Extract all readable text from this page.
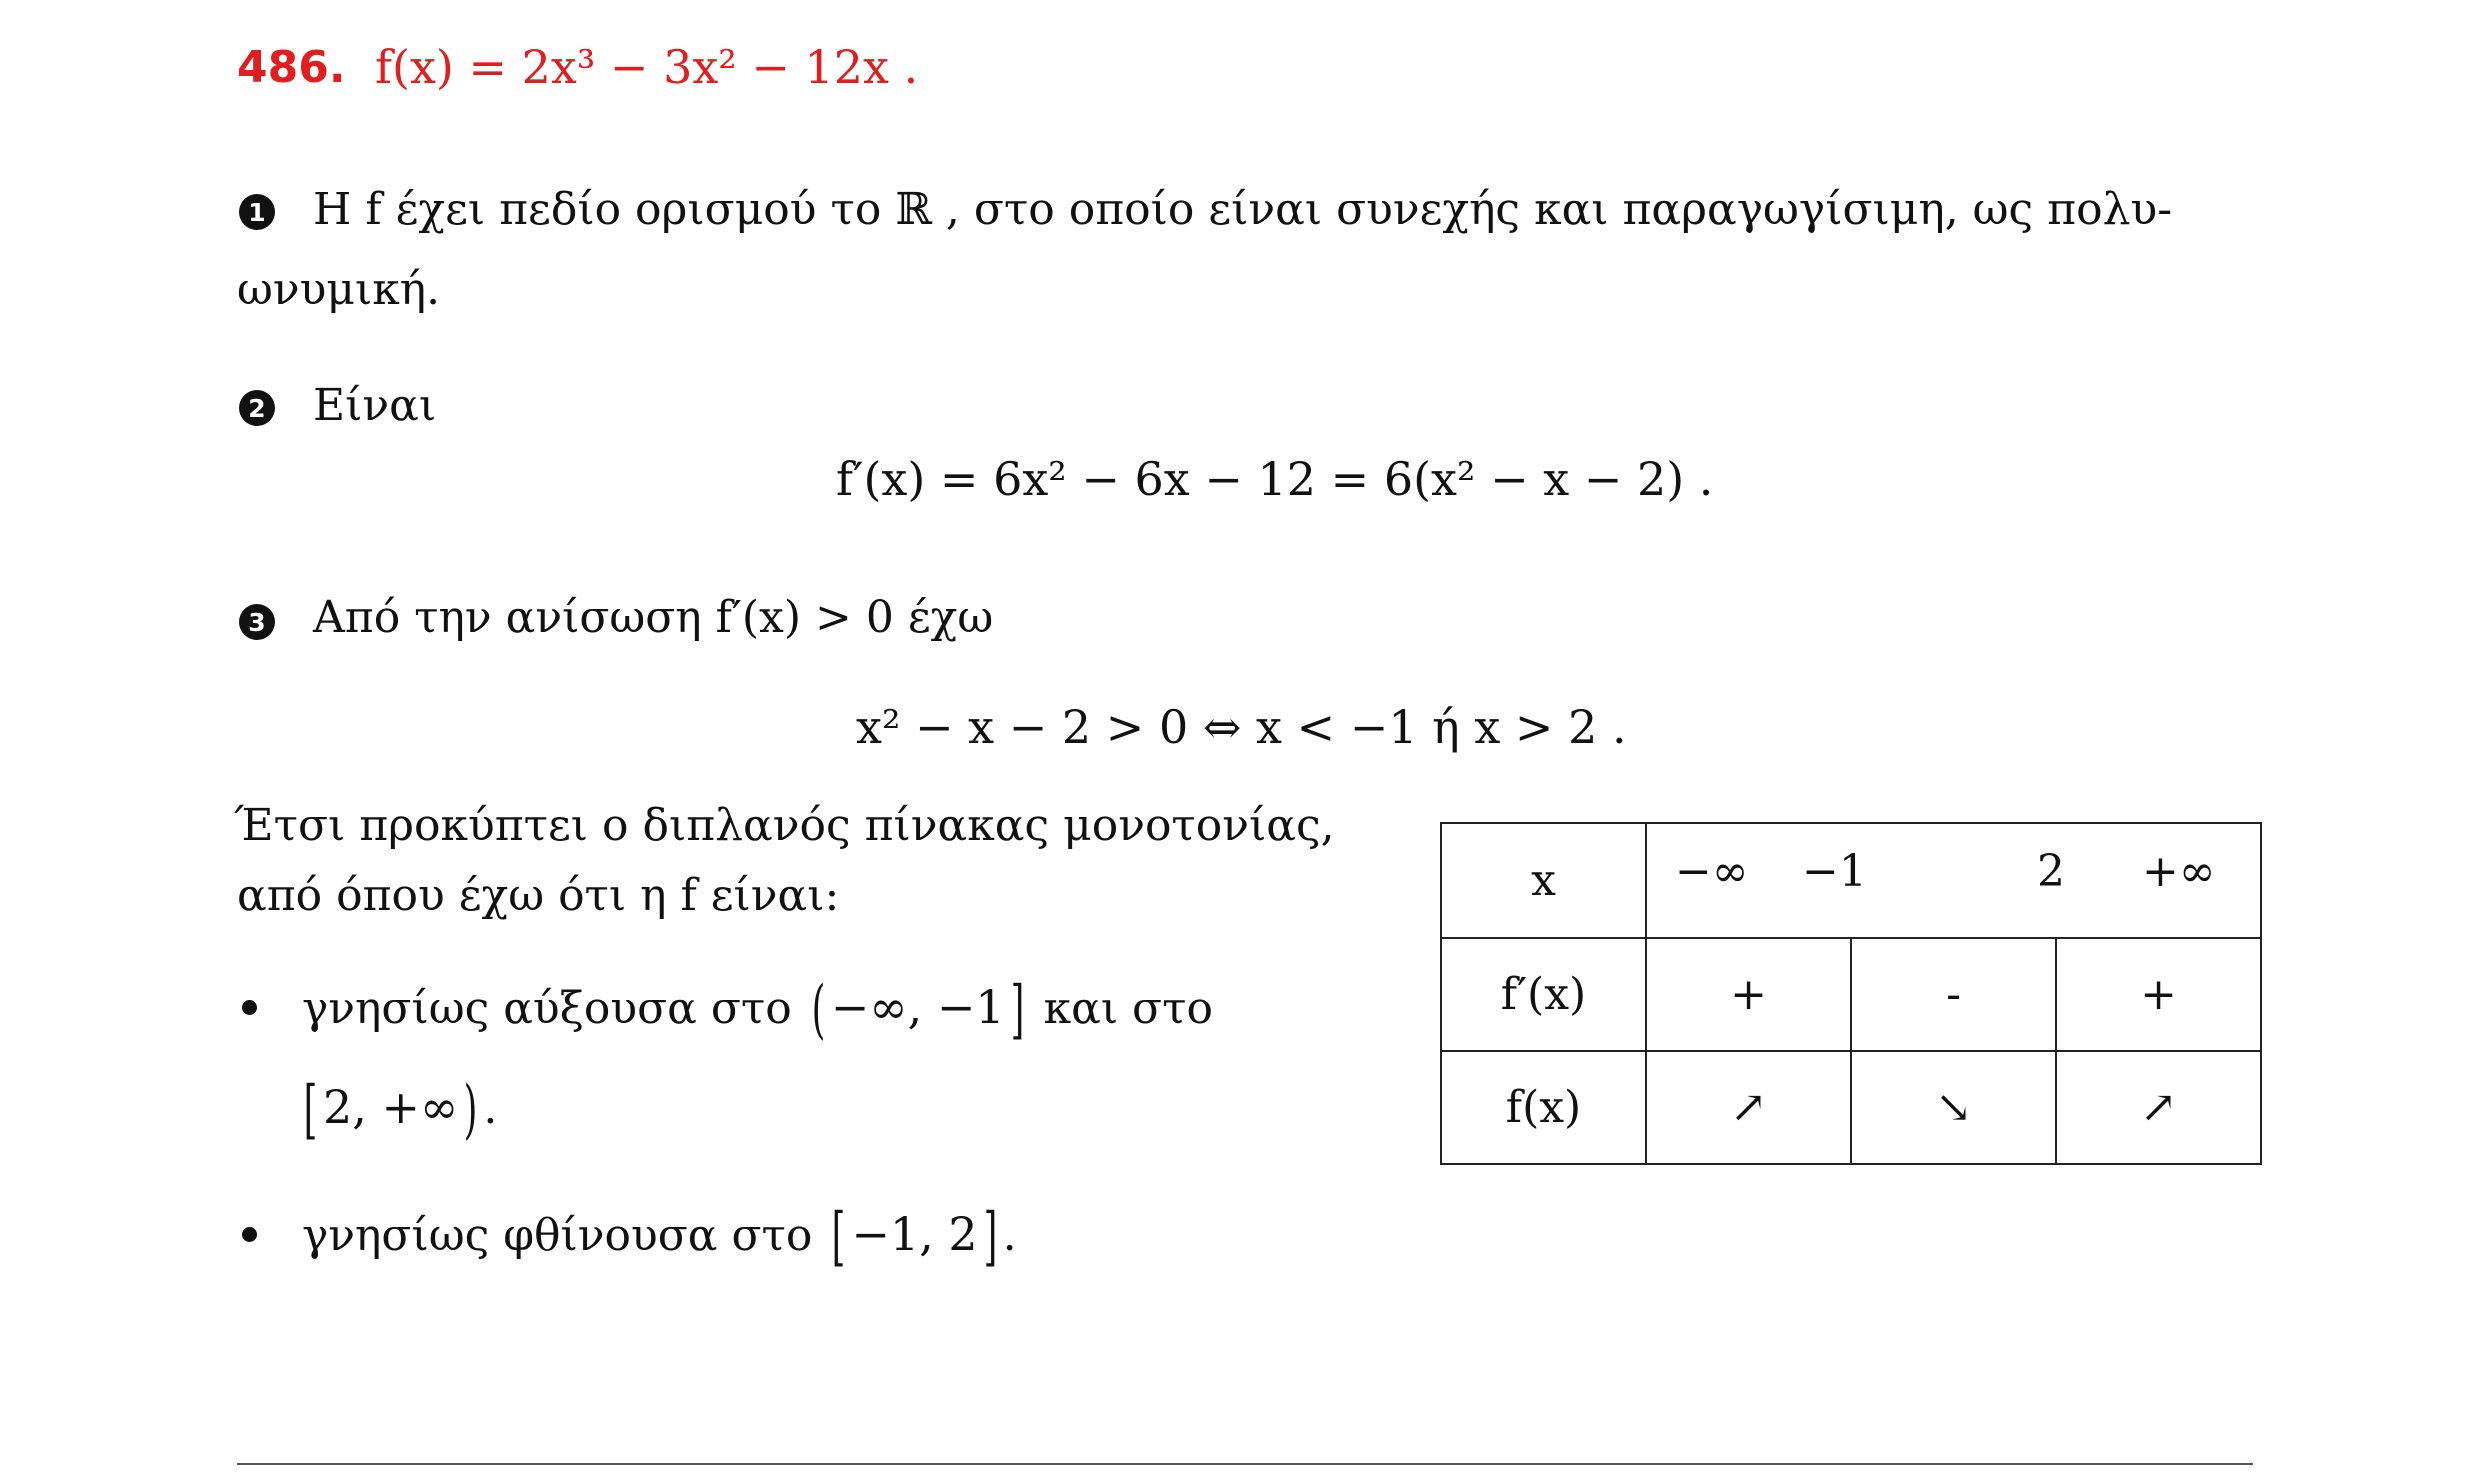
486. f(x) = 2x³ − 3x² − 12x .
1 Η f έχει πεδίο ορισμού το ℝ , στο οποίο είναι συνεχής και παραγωγίσιμη, ως πολυ-
ωνυμική.
2 Είναι
f′(x) = 6x² − 6x − 12 = 6(x² − x − 2) .
3 Από την ανίσωση f′(x) > 0 έχω
x² − x − 2 > 0 ⇔ x < −1 ή x > 2 .
Έτσι προκύπτει ο διπλανός πίνακας μονοτονίας,
από όπου έχω ότι η f είναι:
γνησίως αύξουσα στο ( −∞, −1] και στο
[ 2, +∞) .
γνησίως φθίνουσα στο [ −1, 2] .
x	−∞ −1 2 +∞		

f′(x)	+	-	+
f(x)	↗	↘	↗
